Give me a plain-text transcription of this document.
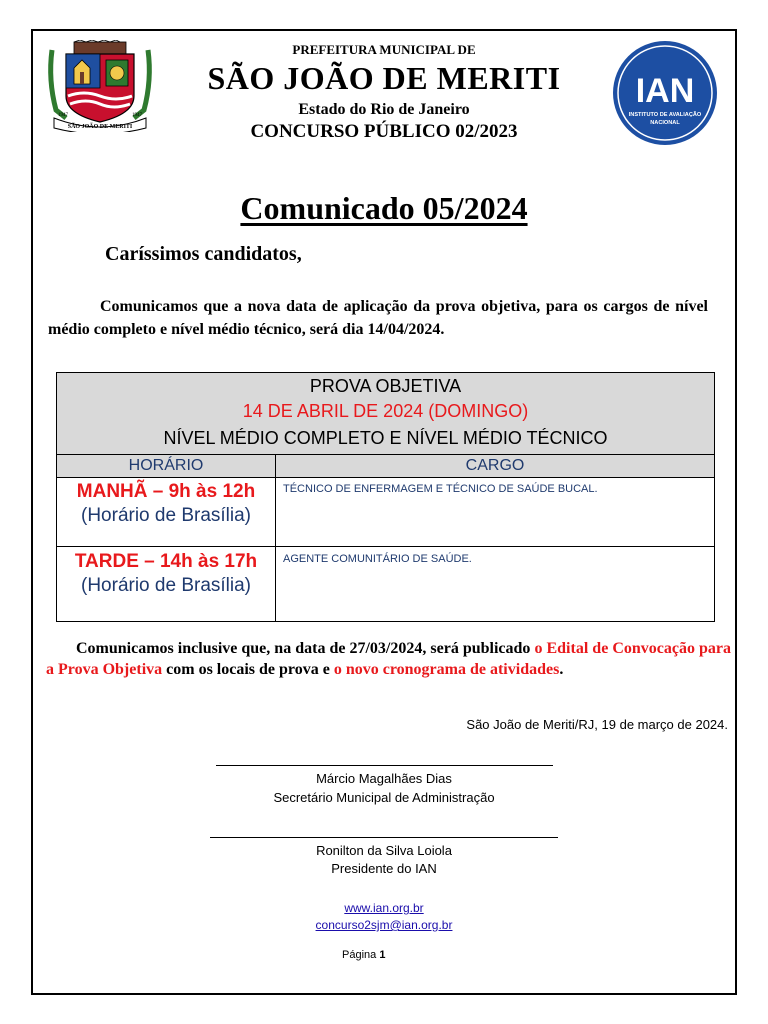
SÃO JOÃO DE MERITI
1947	1947
IAN
INSTITUTO DE AVALIAÇÃO
NACIONAL
PREFEITURA MUNICIPAL DE
SÃO JOÃO DE MERITI
Estado do Rio de Janeiro
CONCURSO PÚBLICO 02/2023
Comunicado 05/2024
Caríssimos candidatos,
Comunicamos que a nova data de aplicação da prova objetiva, para os cargos de nível médio completo e nível médio técnico, será dia 14/04/2024.
PROVA OBJETIVA
14 DE ABRIL DE 2024 (DOMINGO)
NÍVEL MÉDIO COMPLETO E NÍVEL MÉDIO TÉCNICO
HORÁRIO	CARGO
MANHÃ – 9h às 12h
(Horário de Brasília)
TÉCNICO DE ENFERMAGEM E TÉCNICO DE SAÚDE BUCAL.
TARDE – 14h às 17h
(Horário de Brasília)
AGENTE COMUNITÁRIO DE SAÚDE.
Comunicamos inclusive que, na data de 27/03/2024, será publicado o Edital de Convocação para a Prova Objetiva com os locais de prova e o novo cronograma de atividades.
São João de Meriti/RJ, 19 de março de 2024.
Márcio Magalhães Dias
Secretário Municipal de Administração
Ronilton da Silva Loiola
Presidente do IAN
www.ian.org.br
concurso2sjm@ian.org.br
Página 1
